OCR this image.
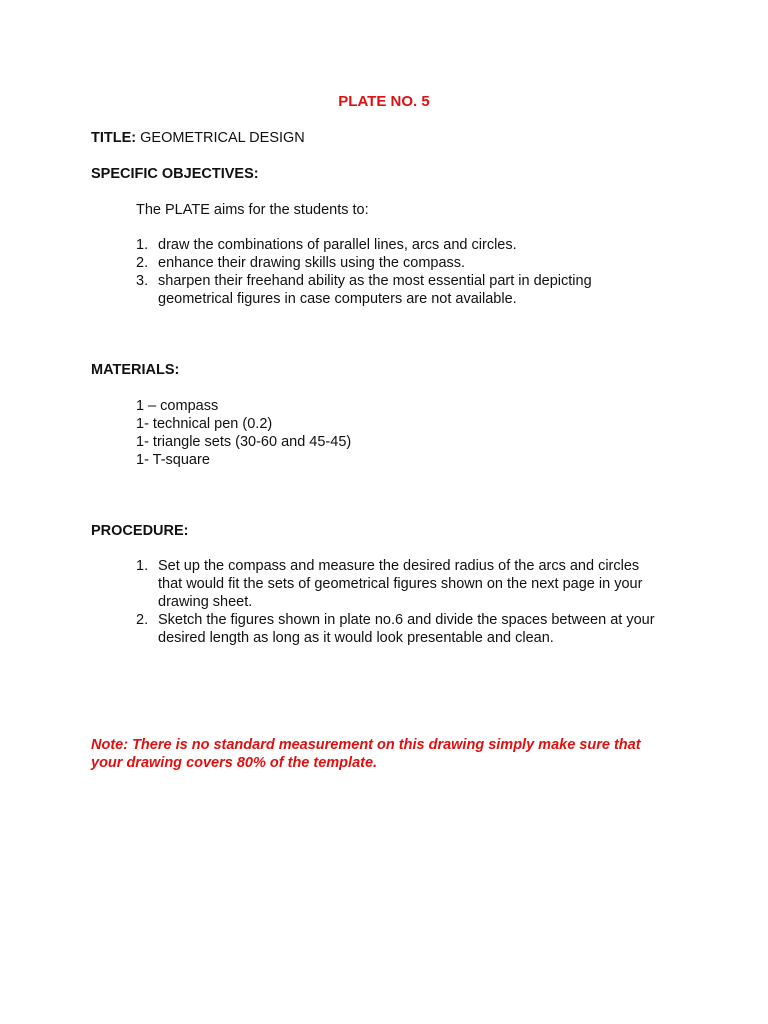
PLATE NO. 5
TITLE: GEOMETRICAL DESIGN
SPECIFIC OBJECTIVES:
The PLATE aims for the students to:
1. draw the combinations of parallel lines, arcs and circles.
2. enhance their drawing skills using the compass.
3. sharpen their freehand ability as the most essential part in depicting
geometrical figures in case computers are not available.
MATERIALS:
1 – compass
1- technical pen (0.2)
1- triangle sets (30-60 and 45-45)
1- T-square
PROCEDURE:
1. Set up the compass and measure the desired radius of the arcs and circles
that would fit the sets of geometrical figures shown on the next page in your
drawing sheet.
2. Sketch the figures shown in plate no.6 and divide the spaces between at your
desired length as long as it would look presentable and clean.
Note: There is no standard measurement on this drawing simply make sure that
your drawing covers 80% of the template.
